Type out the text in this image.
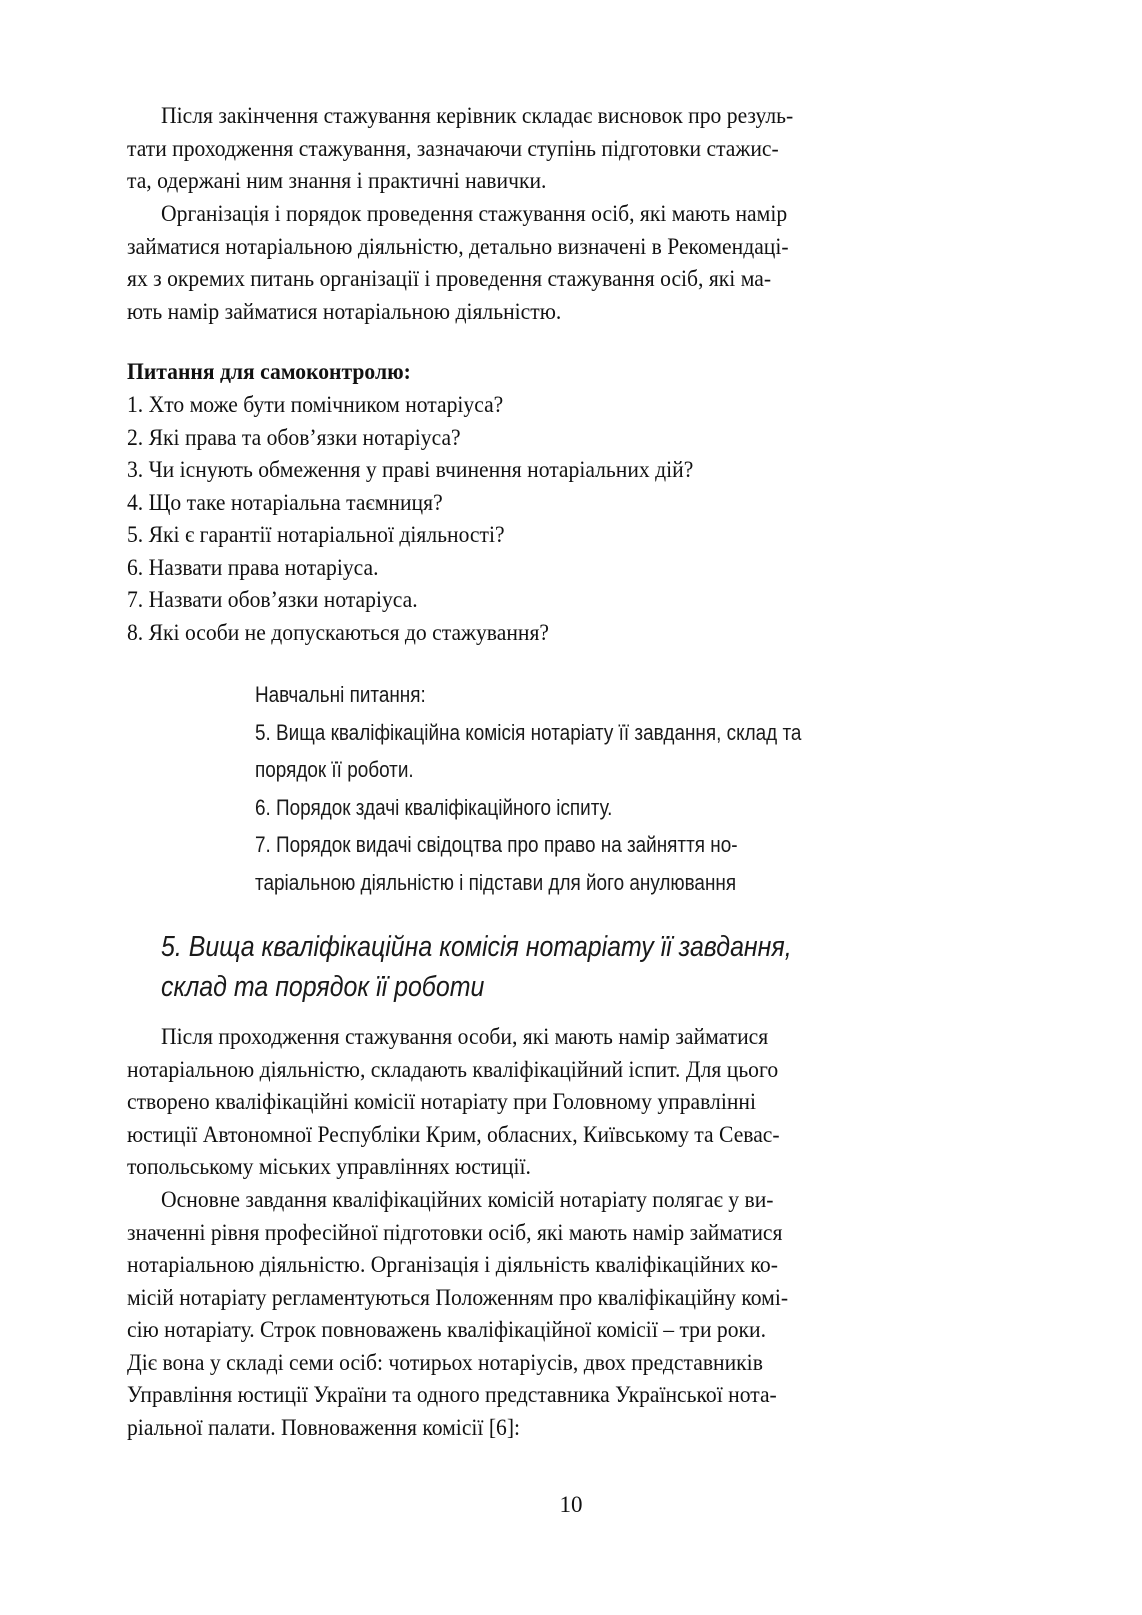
Після закінчення стажування керівник складає висновок про резуль-
тати проходження стажування, зазначаючи ступінь підготовки стажис-
та, одержані ним знання і практичні навички.
Організація і порядок проведення стажування осіб, які мають намір
займатися нотаріальною діяльністю, детально визначені в Рекомендаці-
ях з окремих питань організації і проведення стажування осіб, які ма-
ють намір займатися нотаріальною діяльністю.
Питання для самоконтролю:
1. Хто може бути помічником нотаріуса?
2. Які права та обов’язки нотаріуса?
3. Чи існують обмеження у праві вчинення нотаріальних дій?
4. Що таке нотаріальна таємниця?
5. Які є гарантії нотаріальної діяльності?
6. Назвати права нотаріуса.
7. Назвати обов’язки нотаріуса.
8. Які особи не допускаються до стажування?
Навчальні питання:
5. Вища кваліфікаційна комісія нотаріату її завдання, склад та
порядок її роботи.
6. Порядок здачі кваліфікаційного іспиту.
7. Порядок видачі свідоцтва про право на зайняття но-
таріальною діяльністю і підстави для його анулювання
5. Вища кваліфікаційна комісія нотаріату її завдання,
склад та порядок її роботи
Після проходження стажування особи, які мають намір займатися
нотаріальною діяльністю, складають кваліфікаційний іспит. Для цього
створено кваліфікаційні комісії нотаріату при Головному управлінні
юстиції Автономної Республіки Крим, обласних, Київському та Севас-
топольському міських управліннях юстиції.
Основне завдання кваліфікаційних комісій нотаріату полягає у ви-
значенні рівня професійної підготовки осіб, які мають намір займатися
нотаріальною діяльністю. Організація і діяльність кваліфікаційних ко-
місій нотаріату регламентуються Положенням про кваліфікаційну комі-
сію нотаріату. Строк повноважень кваліфікаційної комісії – три роки.
Діє вона у складі семи осіб: чотирьох нотаріусів, двох представників
Управління юстиції України та одного представника Української нота-
ріальної палати. Повноваження комісії [6]:
10
